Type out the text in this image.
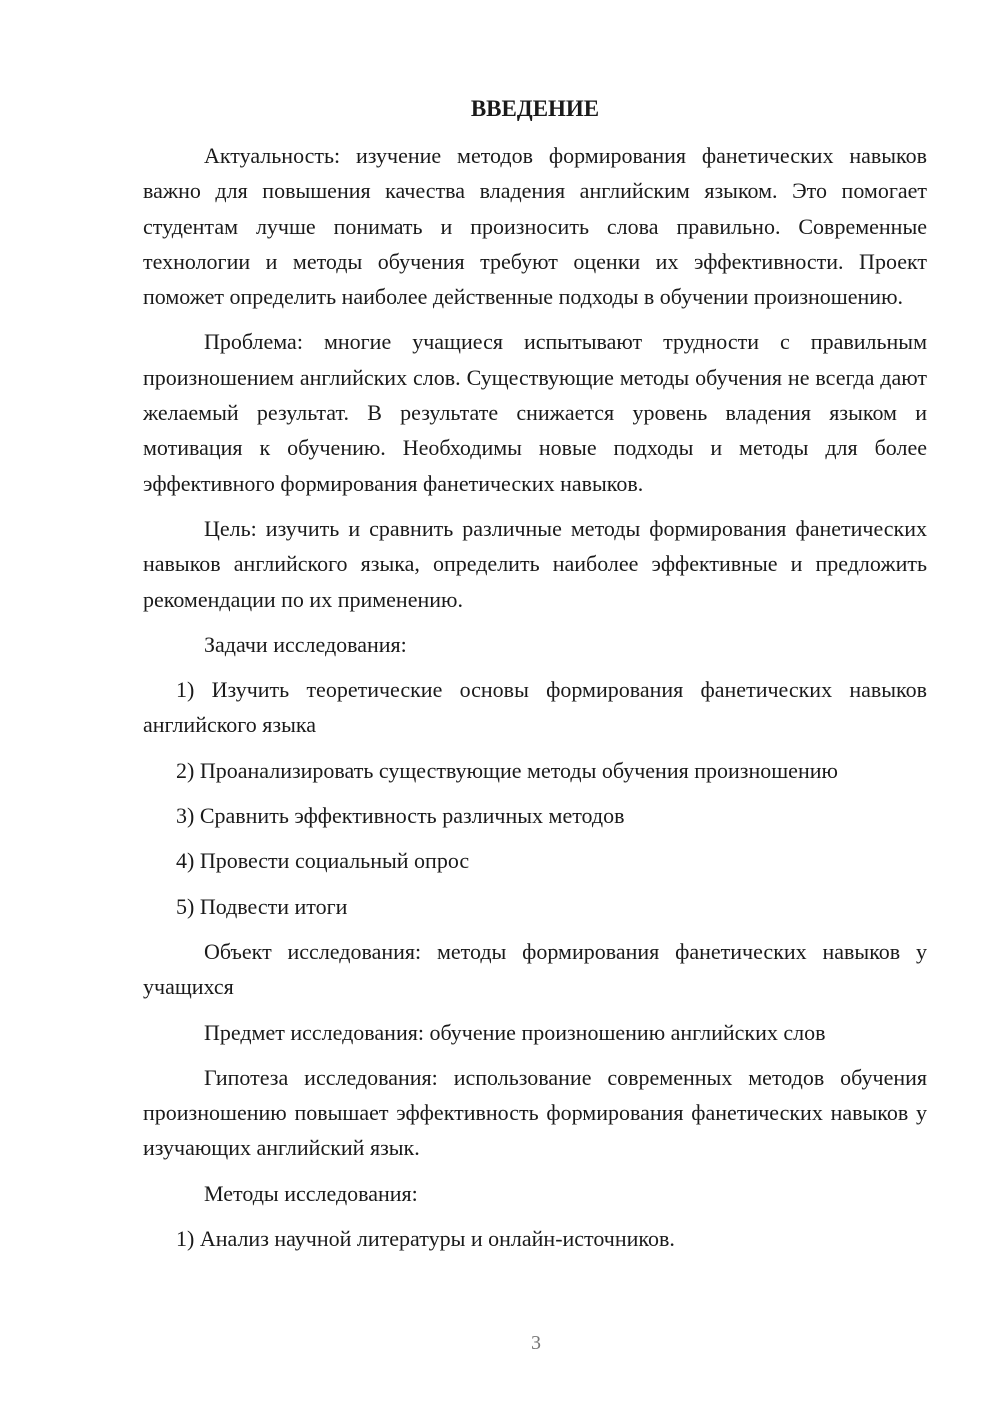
ВВЕДЕНИЕ

Актуальность: изучение методов формирования фанетических навыков важно для повышения качества владения английским языком. Это помогает студентам лучше понимать и произносить слова правильно. Современные технологии и методы обучения требуют оценки их эффективности. Проект поможет определить наиболее действенные подходы в обучении произношению.

Проблема: многие учащиеся испытывают трудности с правильным произношением английских слов. Существующие методы обучения не всегда дают желаемый результат. В результате снижается уровень владения языком и мотивация к обучению. Необходимы новые подходы и методы для более эффективного формирования фанетических навыков.

Цель: изучить и сравнить различные методы формирования фанетических навыков английского языка, определить наиболее эффективные и предложить рекомендации по их применению.

Задачи исследования:

1) Изучить теоретические основы формирования фанетических навыков английского языка

2) Проанализировать существующие методы обучения произношению

3) Сравнить эффективность различных методов

4) Провести социальный опрос

5) Подвести итоги

Объект исследования: методы формирования фанетических навыков у учащихся

Предмет исследования: обучение произношению английских слов

Гипотеза исследования: использование современных методов обучения произношению повышает эффективность формирования фанетических навыков у изучающих английский язык.

Методы исследования:

1) Анализ научной литературы и онлайн-источников.

3
